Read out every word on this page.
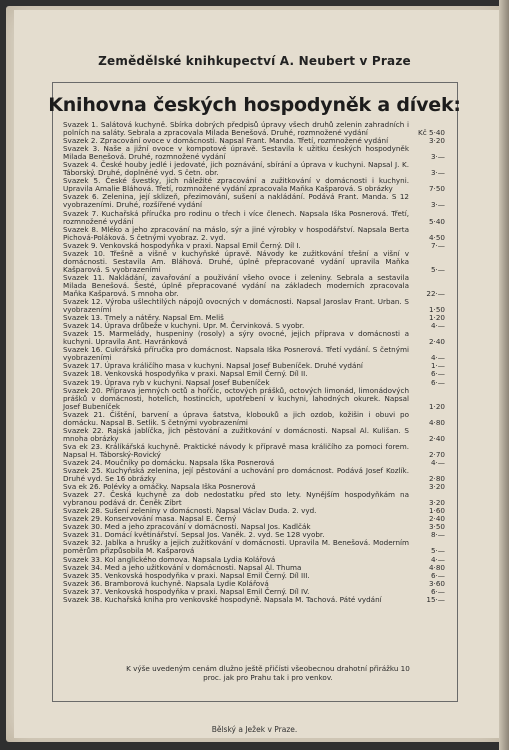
Zemědělské knihkupectví A. Neubert v Praze
Knihovna českých hospodyněk a dívek:
Svazek 1. Salátová kuchyně. Sbírka dobrých předpisů úpravy všech druhů zelenin zahradních i polních na saláty. Sebrala a zpracovala Milada Benešová. Druhé, rozmnožené vydání	Kč 5·40
Svazek 2. Zpracování ovoce v domácnosti. Napsal Frant. Manda. Třetí, rozmnožené vydání	3·20
Svazek 3. Naše a jižní ovoce v kompotové úpravě. Sestavila k užitku českých hospodyněk Milada Benešová. Druhé, rozmnožené vydání	3·—
Svazek 4. České houby jedlé i jedovaté, jich poznávání, sbírání a úprava v kuchyni. Napsal J. K. Táborský. Druhé, doplněné vyd. S četn. obr.	3·—
Svazek 5. České švestky, jich náležité zpracování a zužitkování v domácnosti i kuchyni. Upravila Amalie Bláhová. Třetí, rozmnožené vydání zpracovala Maňka Kašparová. S obrázky	7·50
Svazek 6. Zelenina, její sklizeň, přezimování, sušení a nakládání. Podává Frant. Manda. S 12 vyobrazeními. Druhé, rozšířené vydání	3·—
Svazek 7. Kuchařská příručka pro rodinu o třech i více členech. Napsala Iška Posnerová. Třetí, rozmnožené vydání	5·40
Svazek 8. Mléko a jeho zpracování na máslo, sýr a jiné výrobky v hospodářství. Napsala Berta Pichová-Poláková. S četnými vyobraz. 2. vyd.	4·50
Svazek 9. Venkovská hospodyňka v praxi. Napsal Emil Černý. Díl I.	7·—
Svazek 10. Třešně a višně v kuchyňské úpravě. Návody ke zužitkování třešní a višní v domácnosti. Sestavila Am. Bláhová. Druhé, úplně přepracované vydání upravila Maňka Kašparová. S vyobrazeními	5·—
Svazek 11. Nakládání, zavařování a použivání všeho ovoce i zeleniny. Sebrala a sestavila Milada Benešová. Šesté, úplně přepracované vydání na základech moderních zpracovala Maňka Kašparová. S mnoha obr.	22·—
Svazek 12. Výroba ušlechtilých nápojů ovocných v domácnosti. Napsal Jaroslav Frant. Urban. S vyobrazeními	1·50
Svazek 13. Tmely a nátěry. Napsal Em. Meliš	1·20
Svazek 14. Úprava drůbeže v kuchyni. Upr. M. Červinková. S vyobr.	4·—
Svazek 15. Marmelády, huspeniny (rosoly) a sýry ovocné, jejich příprava v domácnosti a kuchyni. Upravila Ant. Havránková	2·40
Svazek 16. Cukrářská příručka pro domácnost. Napsala Iška Posnerová. Třetí vydání. S četnými vyobrazeními	4·—
Svazek 17. Úprava králičího masa v kuchyni. Napsal Josef Bubeníček. Druhé vydání	1·—
Svazek 18. Venkovská hospodyňka v praxi. Napsal Emil Černý. Díl II.	6·—
Svazek 19. Úprava ryb v kuchyni. Napsal Josef Bubeníček	6·—
Svazek 20. Příprava jemných octů a hořčic, octových prášků, octových limonád, limonádových prášků v domácnosti, hotelích, hostincích, upotřebení v kuchyni, lahodných okurek. Napsal Josef Bubeníček	1·20
Svazek 21. Čištění, barvení a úprava šatstva, klobouků a jich ozdob, kožišin i obuvi po domácku. Napsal B. Setlik. S četnými vyobrazeními	4·80
Svazek 22. Rajská jablíčka, jich pěstování a zužitkování v domácnosti. Napsal Al. Kulišan. S mnoha obrázky	2·40
Sva ek 23. Králíkářská kuchyně. Praktické návody k přípravě masa králičího za pomoci forem. Napsal H. Táborský-Rovický	2·70
Svazek 24. Moučníky po domácku. Napsala Iška Posnerová	4·—
Svazek 25. Kuchyňská zelenina, její pěstování a uchování pro domácnost. Podává Josef Kozlík. Druhé vyd. Se 16 obrázky	2·80
Sva ek 26. Polévky a omáčky. Napsala Iška Posnerová	3·20
Svazek 27. Česká kuchyně za dob nedostatku před sto lety. Nynějším hospodyňkám na vybranou podává dr. Čeněk Zíbrt	3·20
Svazek 28. Sušení zeleniny v domácnosti. Napsal Václav Duda. 2. vyd.	1·60
Svazek 29. Konservování masa. Napsal E. Černý	2·40
Svazek 30. Med a jeho zpracování v domácnosti. Napsal Jos. Kadlčák	3·50
Svazek 31. Domácí květinářství. Sepsal Jos. Vaněk. 2. vyd. Se 128 vyobr.	8·—
Svazek 32. Jablka a hrušky a jejich zužitkování v domácnosti. Upravila M. Benešová. Moderním poměrům přizpůsobila M. Kašparová	5·—
Svazek 33. Kol anglického domova. Napsala Lydia Kolářová	4·—
Svazek 34. Med a jeho užitkování v domácnosti. Napsal Al. Thuma	4·80
Svazek 35. Venkovská hospodyňka v praxi. Napsal Emil Černý. Díl III.	6·—
Svazek 36. Bramborová kuchyně. Napsala Lydie Kolářová	3·60
Svazek 37. Venkovská hospodyňka v praxi. Napsal Emil Černý. Díl IV.	6·—
Svazek 38. Kuchařská kniha pro venkovské hospodyně. Napsala M. Tachová. Páté vydání	15·—
K výše uvedeným cenám dlužno ještě přičísti všeobecnou drahotní přirážku 10 proc. jak pro Prahu tak i pro venkov.
Bělský a Ježek v Praze.
